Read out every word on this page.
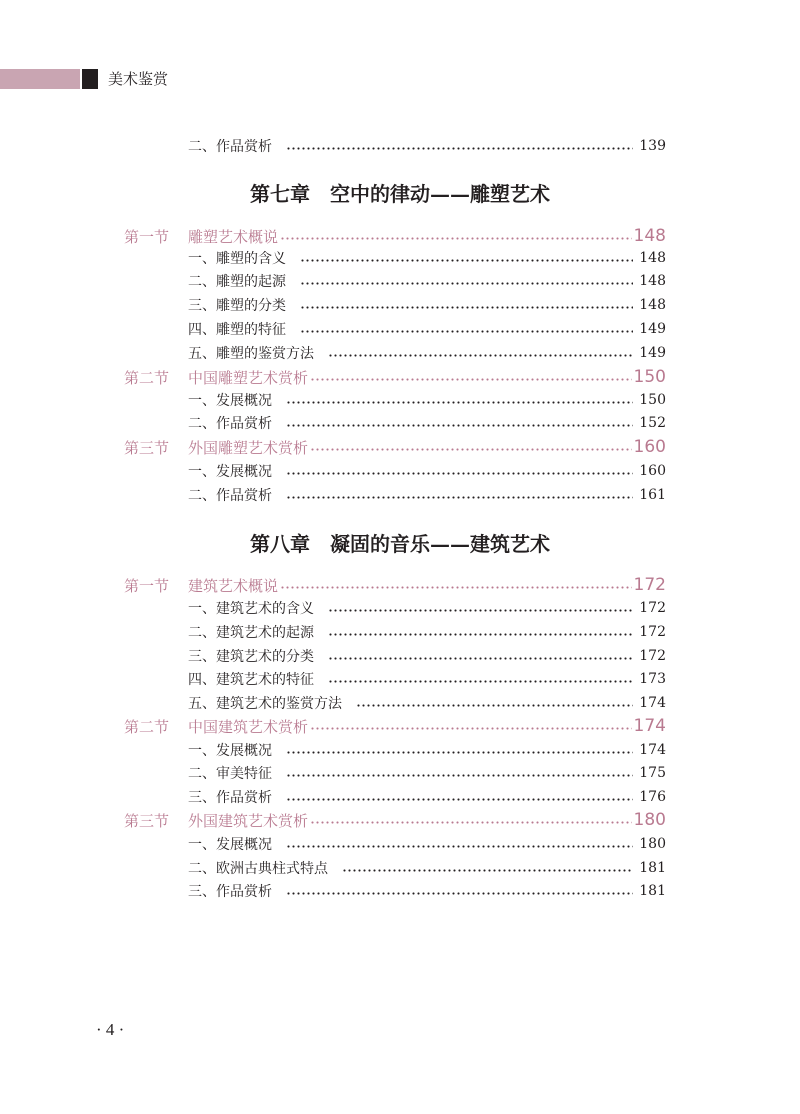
美术鉴赏
二、作品赏析	139
第七章　空中的律动——雕塑艺术
第一节	雕塑艺术概说	148
一、雕塑的含义	148
二、雕塑的起源	148
三、雕塑的分类	148
四、雕塑的特征	149
五、雕塑的鉴赏方法	149
第二节	中国雕塑艺术赏析	150
一、发展概况	150
二、作品赏析	152
第三节	外国雕塑艺术赏析	160
一、发展概况	160
二、作品赏析	161
第八章　凝固的音乐——建筑艺术
第一节	建筑艺术概说	172
一、建筑艺术的含义	172
二、建筑艺术的起源	172
三、建筑艺术的分类	172
四、建筑艺术的特征	173
五、建筑艺术的鉴赏方法	174
第二节	中国建筑艺术赏析	174
一、发展概况	174
二、审美特征	175
三、作品赏析	176
第三节	外国建筑艺术赏析	180
一、发展概况	180
二、欧洲古典柱式特点	181
三、作品赏析	181
· 4 ·
